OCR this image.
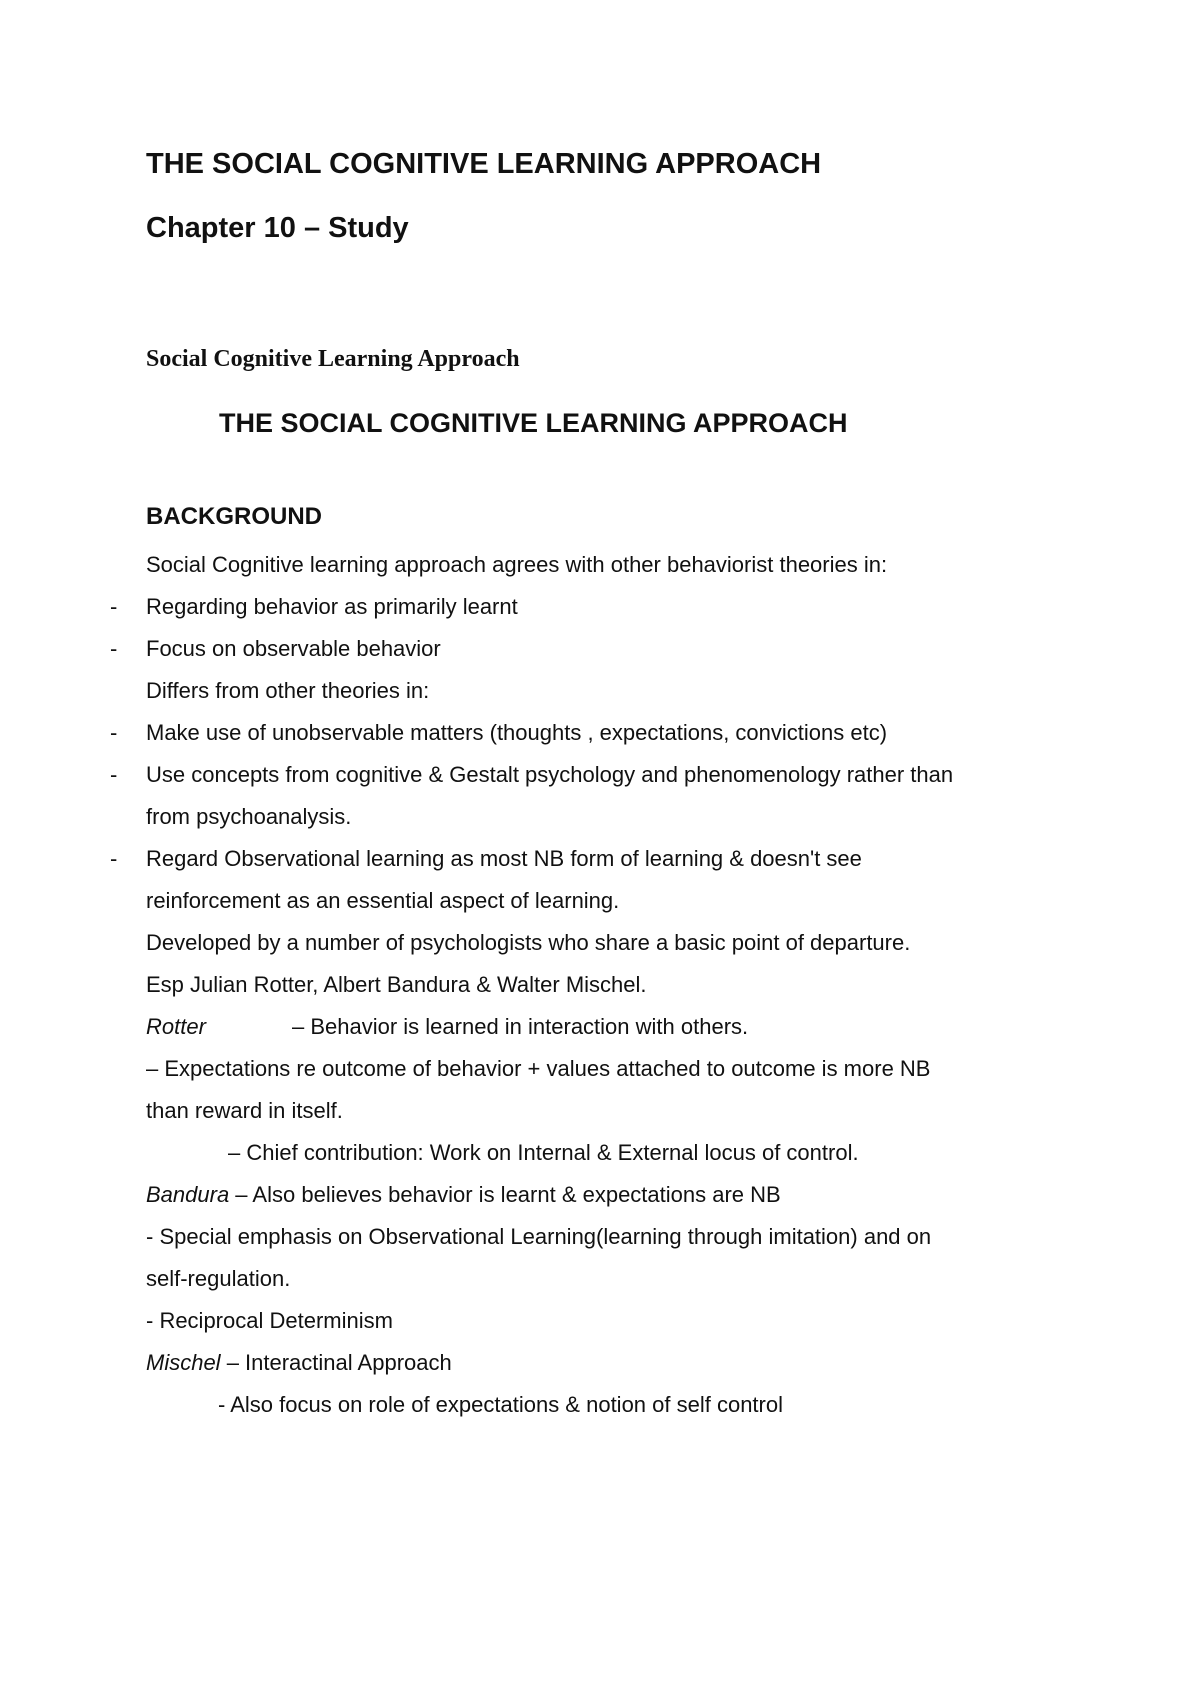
THE SOCIAL COGNITIVE LEARNING APPROACH
Chapter 10 – Study
Social Cognitive Learning Approach
THE SOCIAL COGNITIVE LEARNING APPROACH
BACKGROUND
Social Cognitive learning approach agrees with other behaviorist theories in:
- Regarding behavior as primarily learnt
- Focus on observable behavior
Differs from other theories in:
- Make use of unobservable matters (thoughts , expectations, convictions etc)
- Use concepts from cognitive & Gestalt psychology and phenomenology rather than
from psychoanalysis.
- Regard Observational learning as most NB form of learning & doesn't see
reinforcement as an essential aspect of learning.
Developed by a number of psychologists who share a basic point of departure.
Esp Julian Rotter, Albert Bandura & Walter Mischel.
Rotter	– Behavior is learned in interaction with others.
– Expectations re outcome of behavior + values attached to outcome is more NB
than reward in itself.
– Chief contribution: Work on Internal & External locus of control.
Bandura – Also believes behavior is learnt & expectations are NB
- Special emphasis on Observational Learning(learning through imitation) and on
self-regulation.
- Reciprocal Determinism
Mischel – Interactinal Approach
- Also focus on role of expectations & notion of self control
